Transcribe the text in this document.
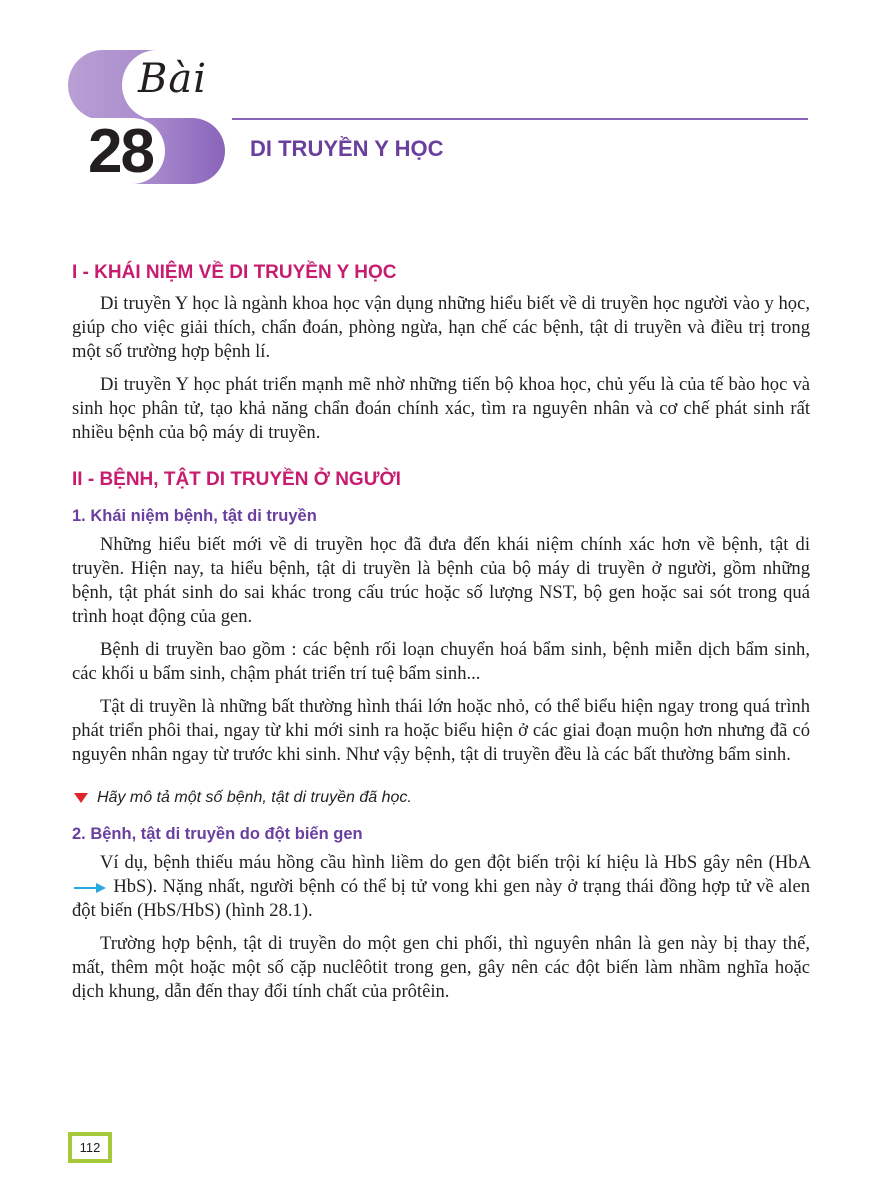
Bài
28	DI TRUYỀN Y HỌC
I - KHÁI NIỆM VỀ DI TRUYỀN Y HỌC

Di truyền Y học là ngành khoa học vận dụng những hiểu biết về di truyền học người vào y học, giúp cho việc giải thích, chẩn đoán, phòng ngừa, hạn chế các bệnh, tật di truyền và điều trị trong một số trường hợp bệnh lí.

Di truyền Y học phát triển mạnh mẽ nhờ những tiến bộ khoa học, chủ yếu là của tế bào học và sinh học phân tử, tạo khả năng chẩn đoán chính xác, tìm ra nguyên nhân và cơ chế phát sinh rất nhiều bệnh của bộ máy di truyền.

II - BỆNH, TẬT DI TRUYỀN Ở NGƯỜI
1. Khái niệm bệnh, tật di truyền

Những hiểu biết mới về di truyền học đã đưa đến khái niệm chính xác hơn về bệnh, tật di truyền. Hiện nay, ta hiểu bệnh, tật di truyền là bệnh của bộ máy di truyền ở người, gồm những bệnh, tật phát sinh do sai khác trong cấu trúc hoặc số lượng NST, bộ gen hoặc sai sót trong quá trình hoạt động của gen.

Bệnh di truyền bao gồm : các bệnh rối loạn chuyển hoá bẩm sinh, bệnh miễn dịch bẩm sinh, các khối u bẩm sinh, chậm phát triển trí tuệ bẩm sinh...

Tật di truyền là những bất thường hình thái lớn hoặc nhỏ, có thể biểu hiện ngay trong quá trình phát triển phôi thai, ngay từ khi mới sinh ra hoặc biểu hiện ở các giai đoạn muộn hơn nhưng đã có nguyên nhân ngay từ trước khi sinh. Như vậy bệnh, tật di truyền đều là các bất thường bẩm sinh.

Hãy mô tả một số bệnh, tật di truyền đã học.
2. Bệnh, tật di truyền do đột biến gen

Ví dụ, bệnh thiếu máu hồng cầu hình liềm do gen đột biến trội kí hiệu là HbS gây nên (HbA  HbS). Nặng nhất, người bệnh có thể bị tử vong khi gen này ở trạng thái đồng hợp tử về alen đột biến (HbS/HbS) (hình 28.1).

Trường hợp bệnh, tật di truyền do một gen chi phối, thì nguyên nhân là gen này bị thay thế, mất, thêm một hoặc một số cặp nuclêôtit trong gen, gây nên các đột biến làm nhầm nghĩa hoặc dịch khung, dẫn đến thay đổi tính chất của prôtêin.

112
